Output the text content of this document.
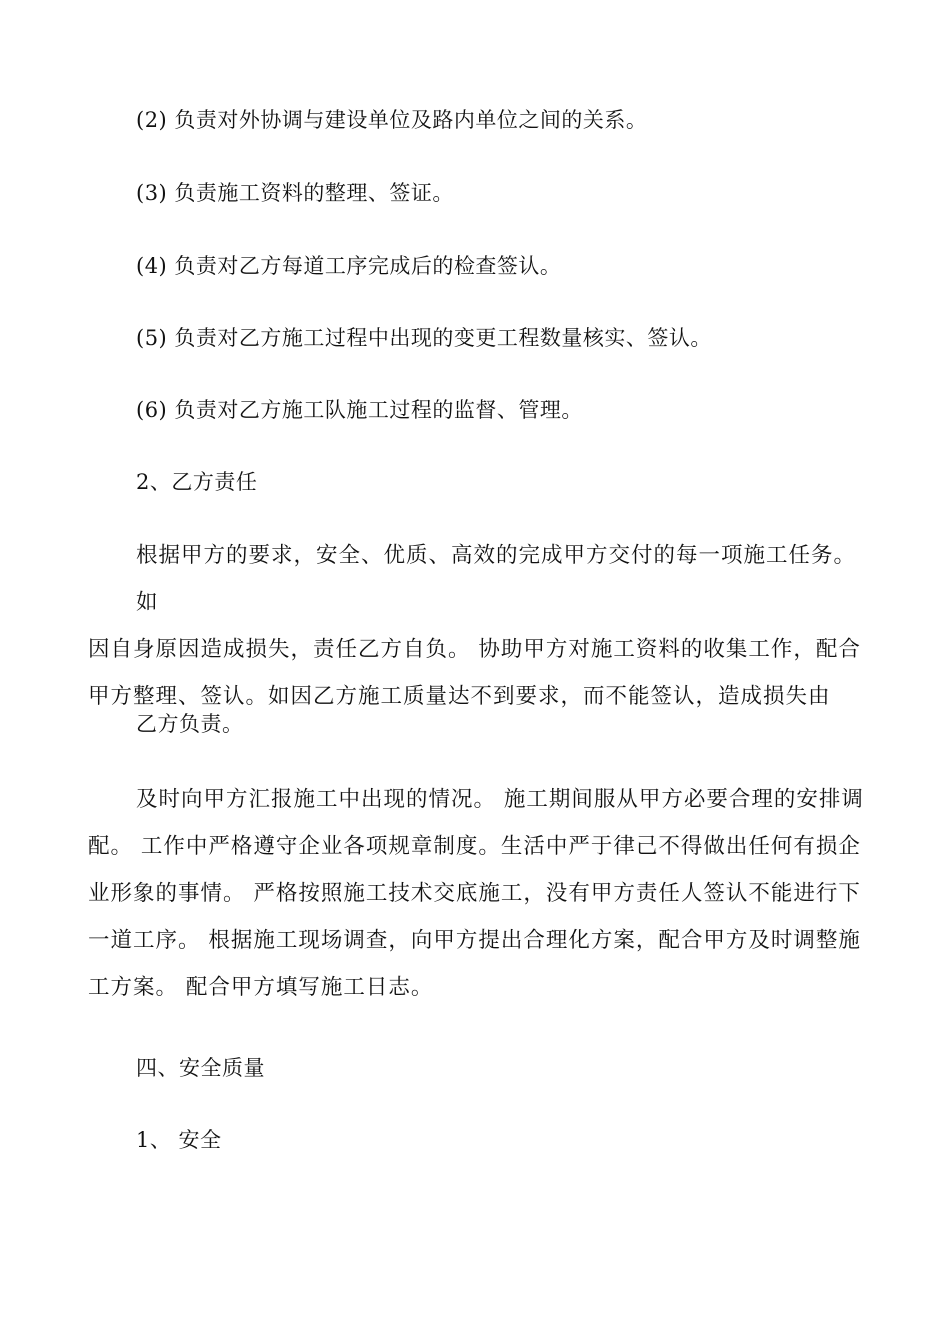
(2) 负责对外协调与建设单位及路内单位之间的关系。
(3) 负责施工资料的整理、签证。
(4) 负责对乙方每道工序完成后的检查签认。
(5) 负责对乙方施工过程中出现的变更工程数量核实、签认。
(6) 负责对乙方施工队施工过程的监督、管理。
2、乙方责任
根据甲方的要求，安全、优质、高效的完成甲方交付的每一项施工任务。如
因自身原因造成损失，责任乙方自负。 协助甲方对施工资料的收集工作，配合
甲方整理、签认。如因乙方施工质量达不到要求，而不能签认，造成损失由
乙方负责。
及时向甲方汇报施工中出现的情况。 施工期间服从甲方必要合理的安排调
配。 工作中严格遵守企业各项规章制度。生活中严于律己不得做出任何有损企
业形象的事情。 严格按照施工技术交底施工，没有甲方责任人签认不能进行下
一道工序。 根据施工现场调查，向甲方提出合理化方案，配合甲方及时调整施
工方案。 配合甲方填写施工日志。
四、安全质量
1、 安全
